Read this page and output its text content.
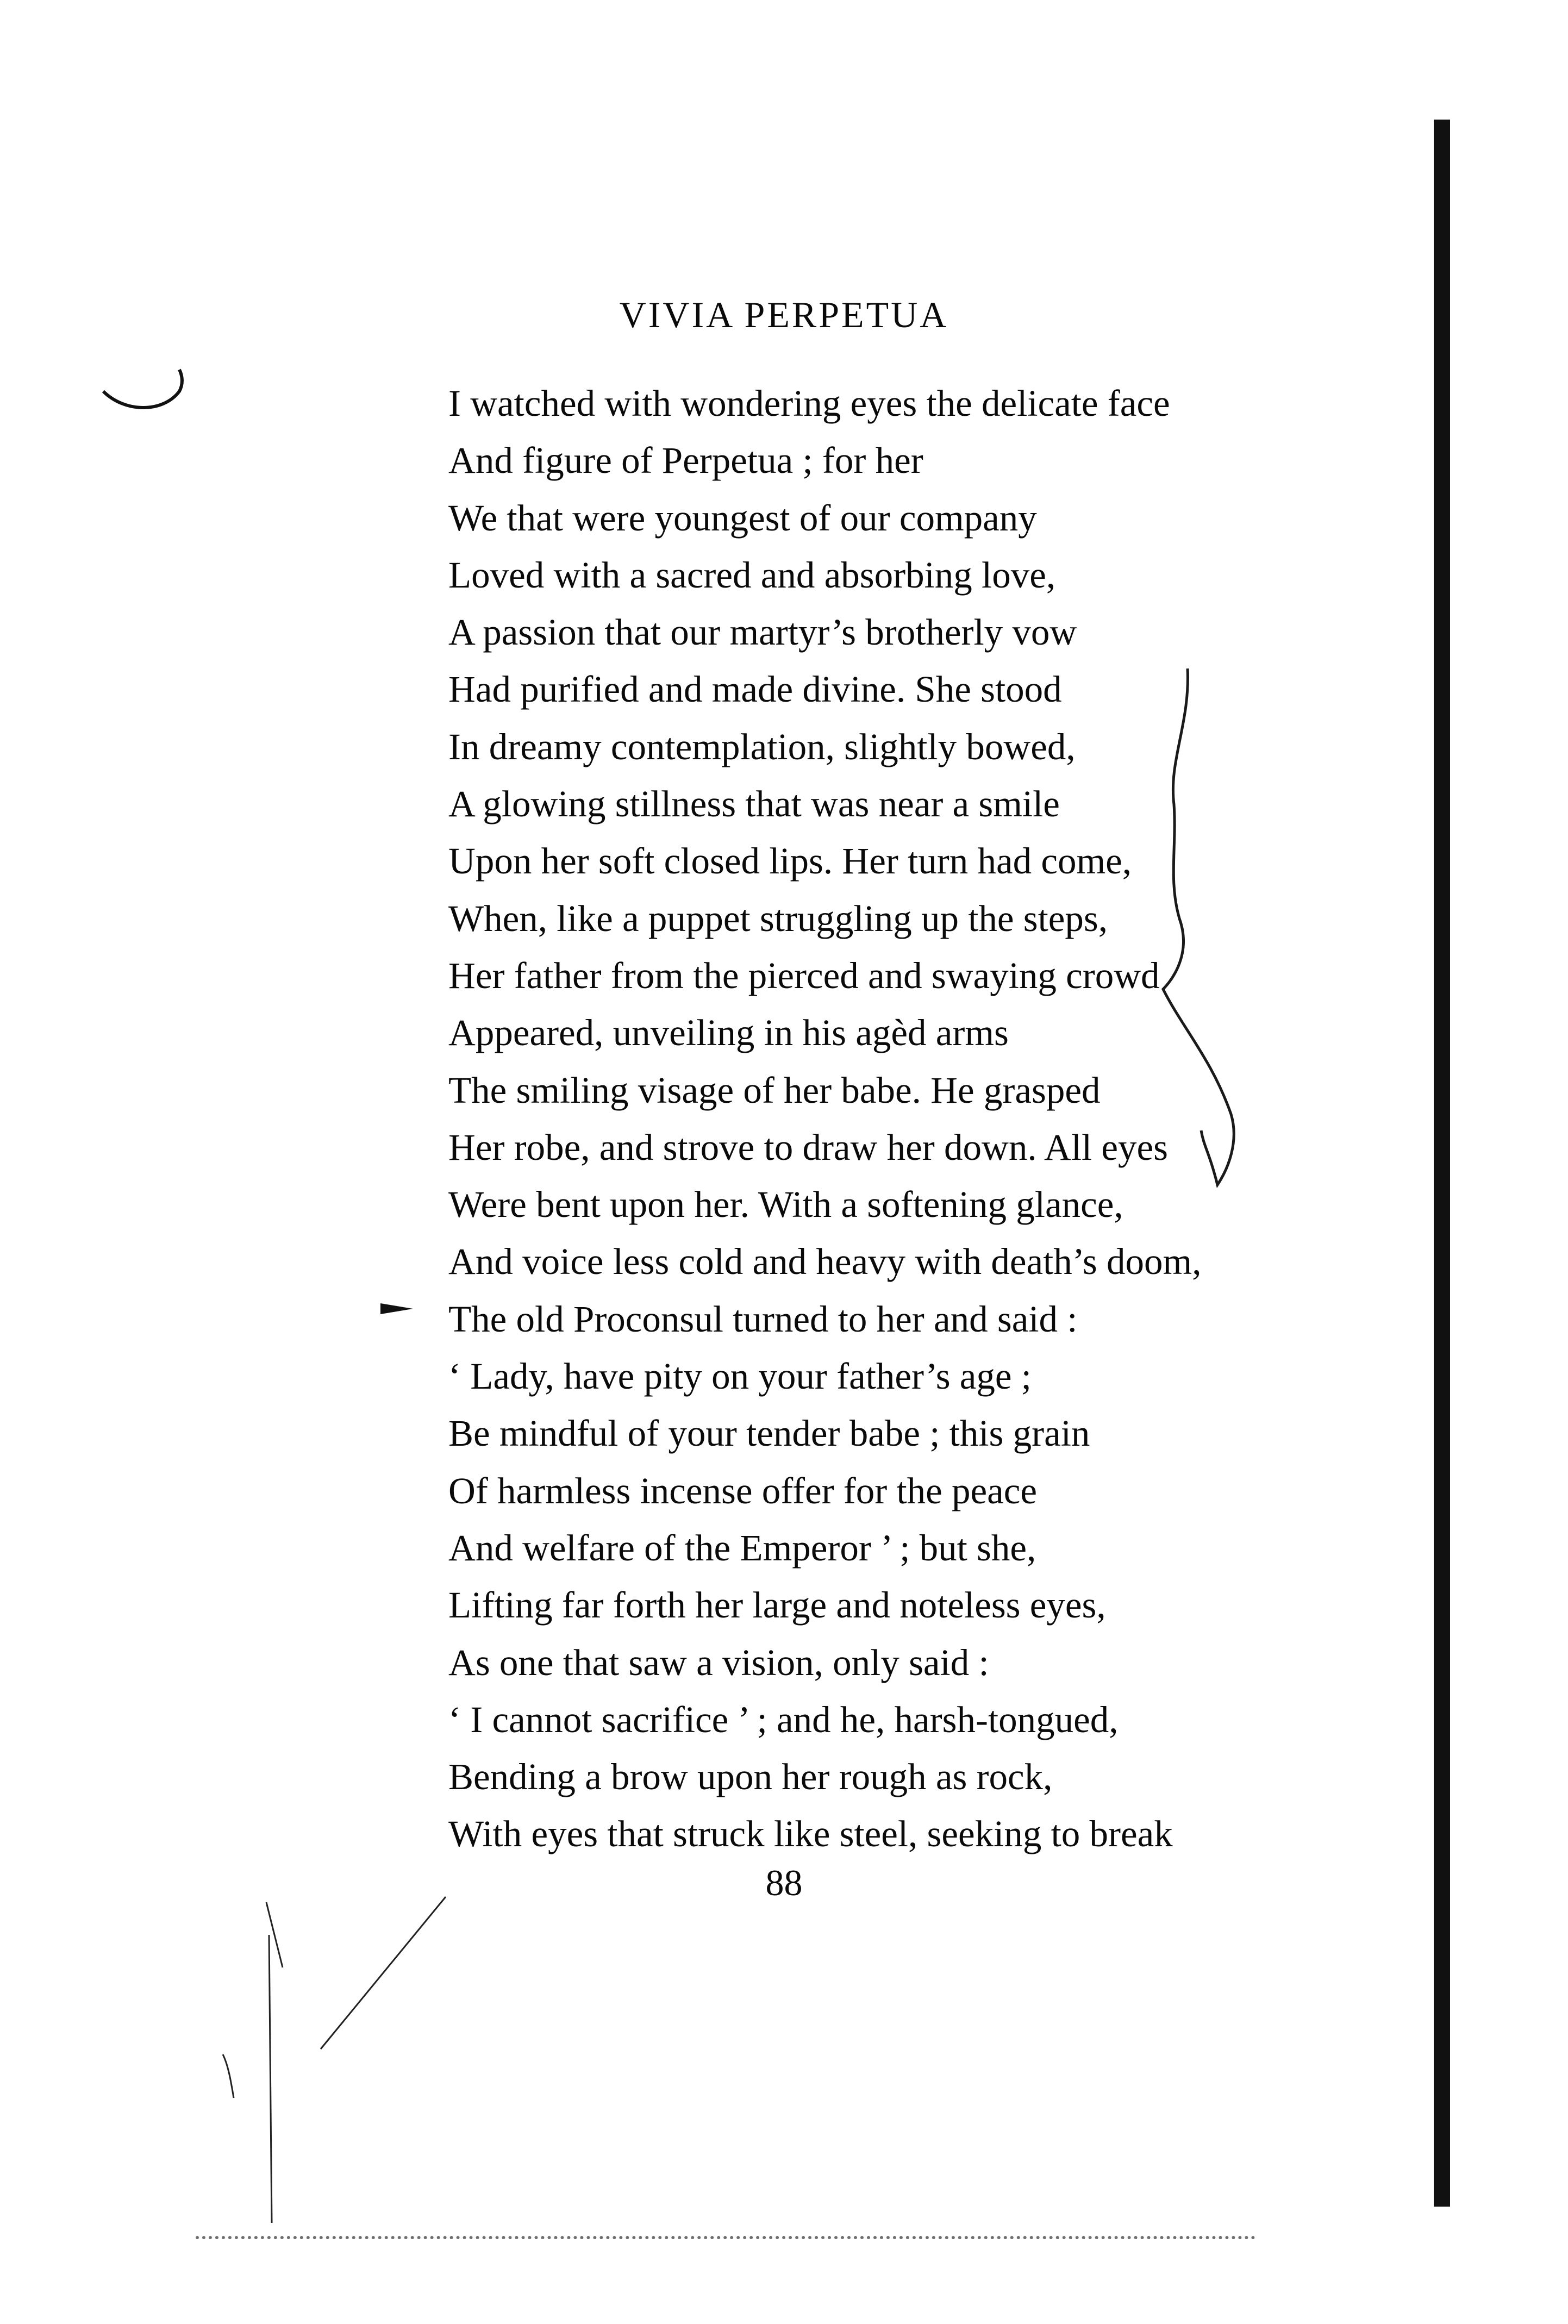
VIVIA PERPETUA
I watched with wondering eyes the delicate face
And figure of Perpetua ; for her
We that were youngest of our company
Loved with a sacred and absorbing love,
A passion that our martyr’s brotherly vow
Had purified and made divine. She stood
In dreamy contemplation, slightly bowed,
A glowing stillness that was near a smile
Upon her soft closed lips. Her turn had come,
When, like a puppet struggling up the steps,
Her father from the pierced and swaying crowd
Appeared, unveiling in his agèd arms
The smiling visage of her babe. He grasped
Her robe, and strove to draw her down. All eyes
Were bent upon her. With a softening glance,
And voice less cold and heavy with death’s doom,
The old Proconsul turned to her and said :
‘ Lady, have pity on your father’s age ;
Be mindful of your tender babe ; this grain
Of harmless incense offer for the peace
And welfare of the Emperor ’ ; but she,
Lifting far forth her large and noteless eyes,
As one that saw a vision, only said :
‘ I cannot sacrifice ’ ; and he, harsh-tongued,
Bending a brow upon her rough as rock,
With eyes that struck like steel, seeking to break
88
